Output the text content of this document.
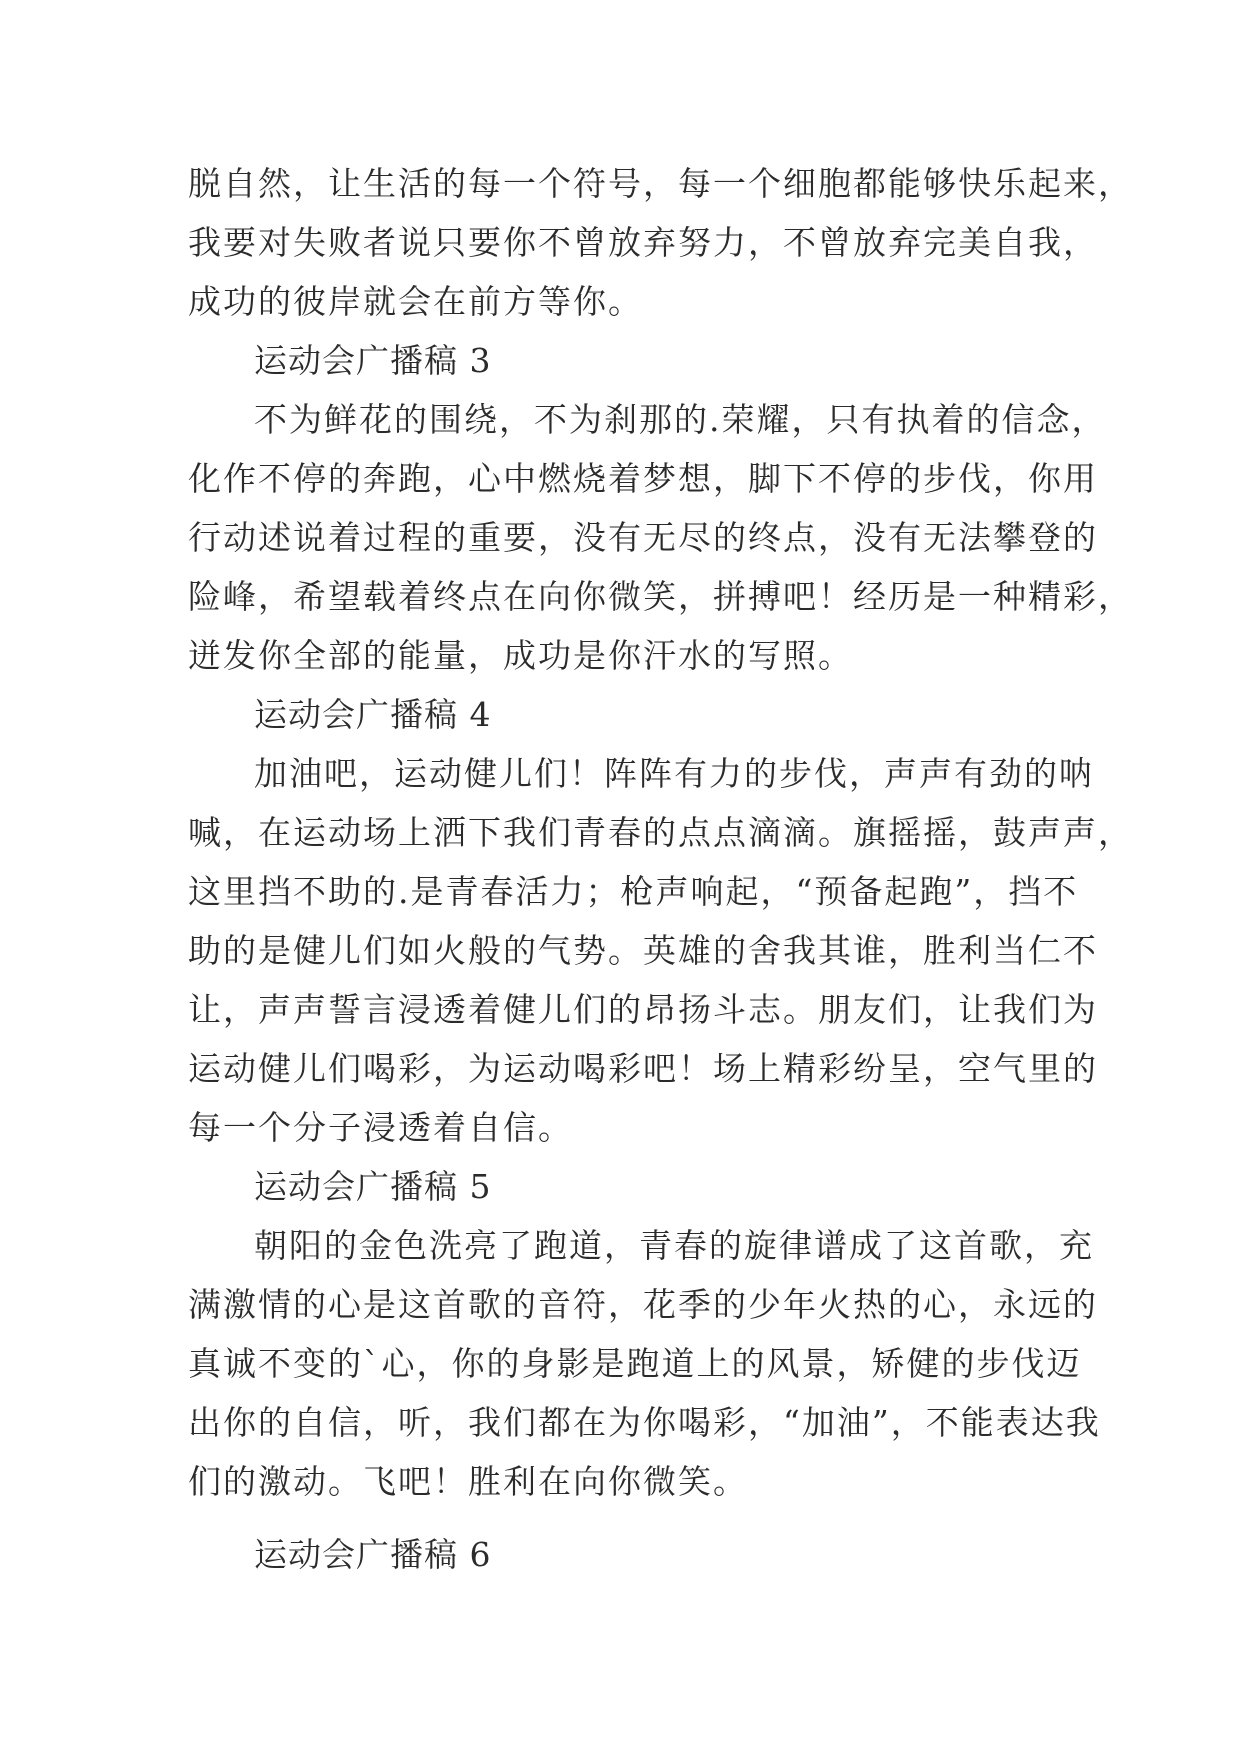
脱自然，让生活的每一个符号，每一个细胞都能够快乐起来，
我要对失败者说只要你不曾放弃努力，不曾放弃完美自我，
成功的彼岸就会在前方等你。
运动会广播稿 3
不为鲜花的围绕，不为刹那的.荣耀，只有执着的信念，
化作不停的奔跑，心中燃烧着梦想，脚下不停的步伐，你用
行动述说着过程的重要，没有无尽的终点，没有无法攀登的
险峰，希望载着终点在向你微笑，拼搏吧！经历是一种精彩，
迸发你全部的能量，成功是你汗水的写照。
运动会广播稿 4
加油吧，运动健儿们！阵阵有力的步伐，声声有劲的呐
喊，在运动场上洒下我们青春的点点滴滴。旗摇摇，鼓声声，
这里挡不助的.是青春活力；枪声响起，“预备起跑”，挡不
助的是健儿们如火般的气势。英雄的舍我其谁，胜利当仁不
让，声声誓言浸透着健儿们的昂扬斗志。朋友们，让我们为
运动健儿们喝彩，为运动喝彩吧！场上精彩纷呈，空气里的
每一个分子浸透着自信。
运动会广播稿 5
朝阳的金色洗亮了跑道，青春的旋律谱成了这首歌，充
满激情的心是这首歌的音符，花季的少年火热的心，永远的
真诚不变的`心，你的身影是跑道上的风景，矫健的步伐迈
出你的自信，听，我们都在为你喝彩，“加油”，不能表达我
们的激动。飞吧！胜利在向你微笑。
运动会广播稿 6
